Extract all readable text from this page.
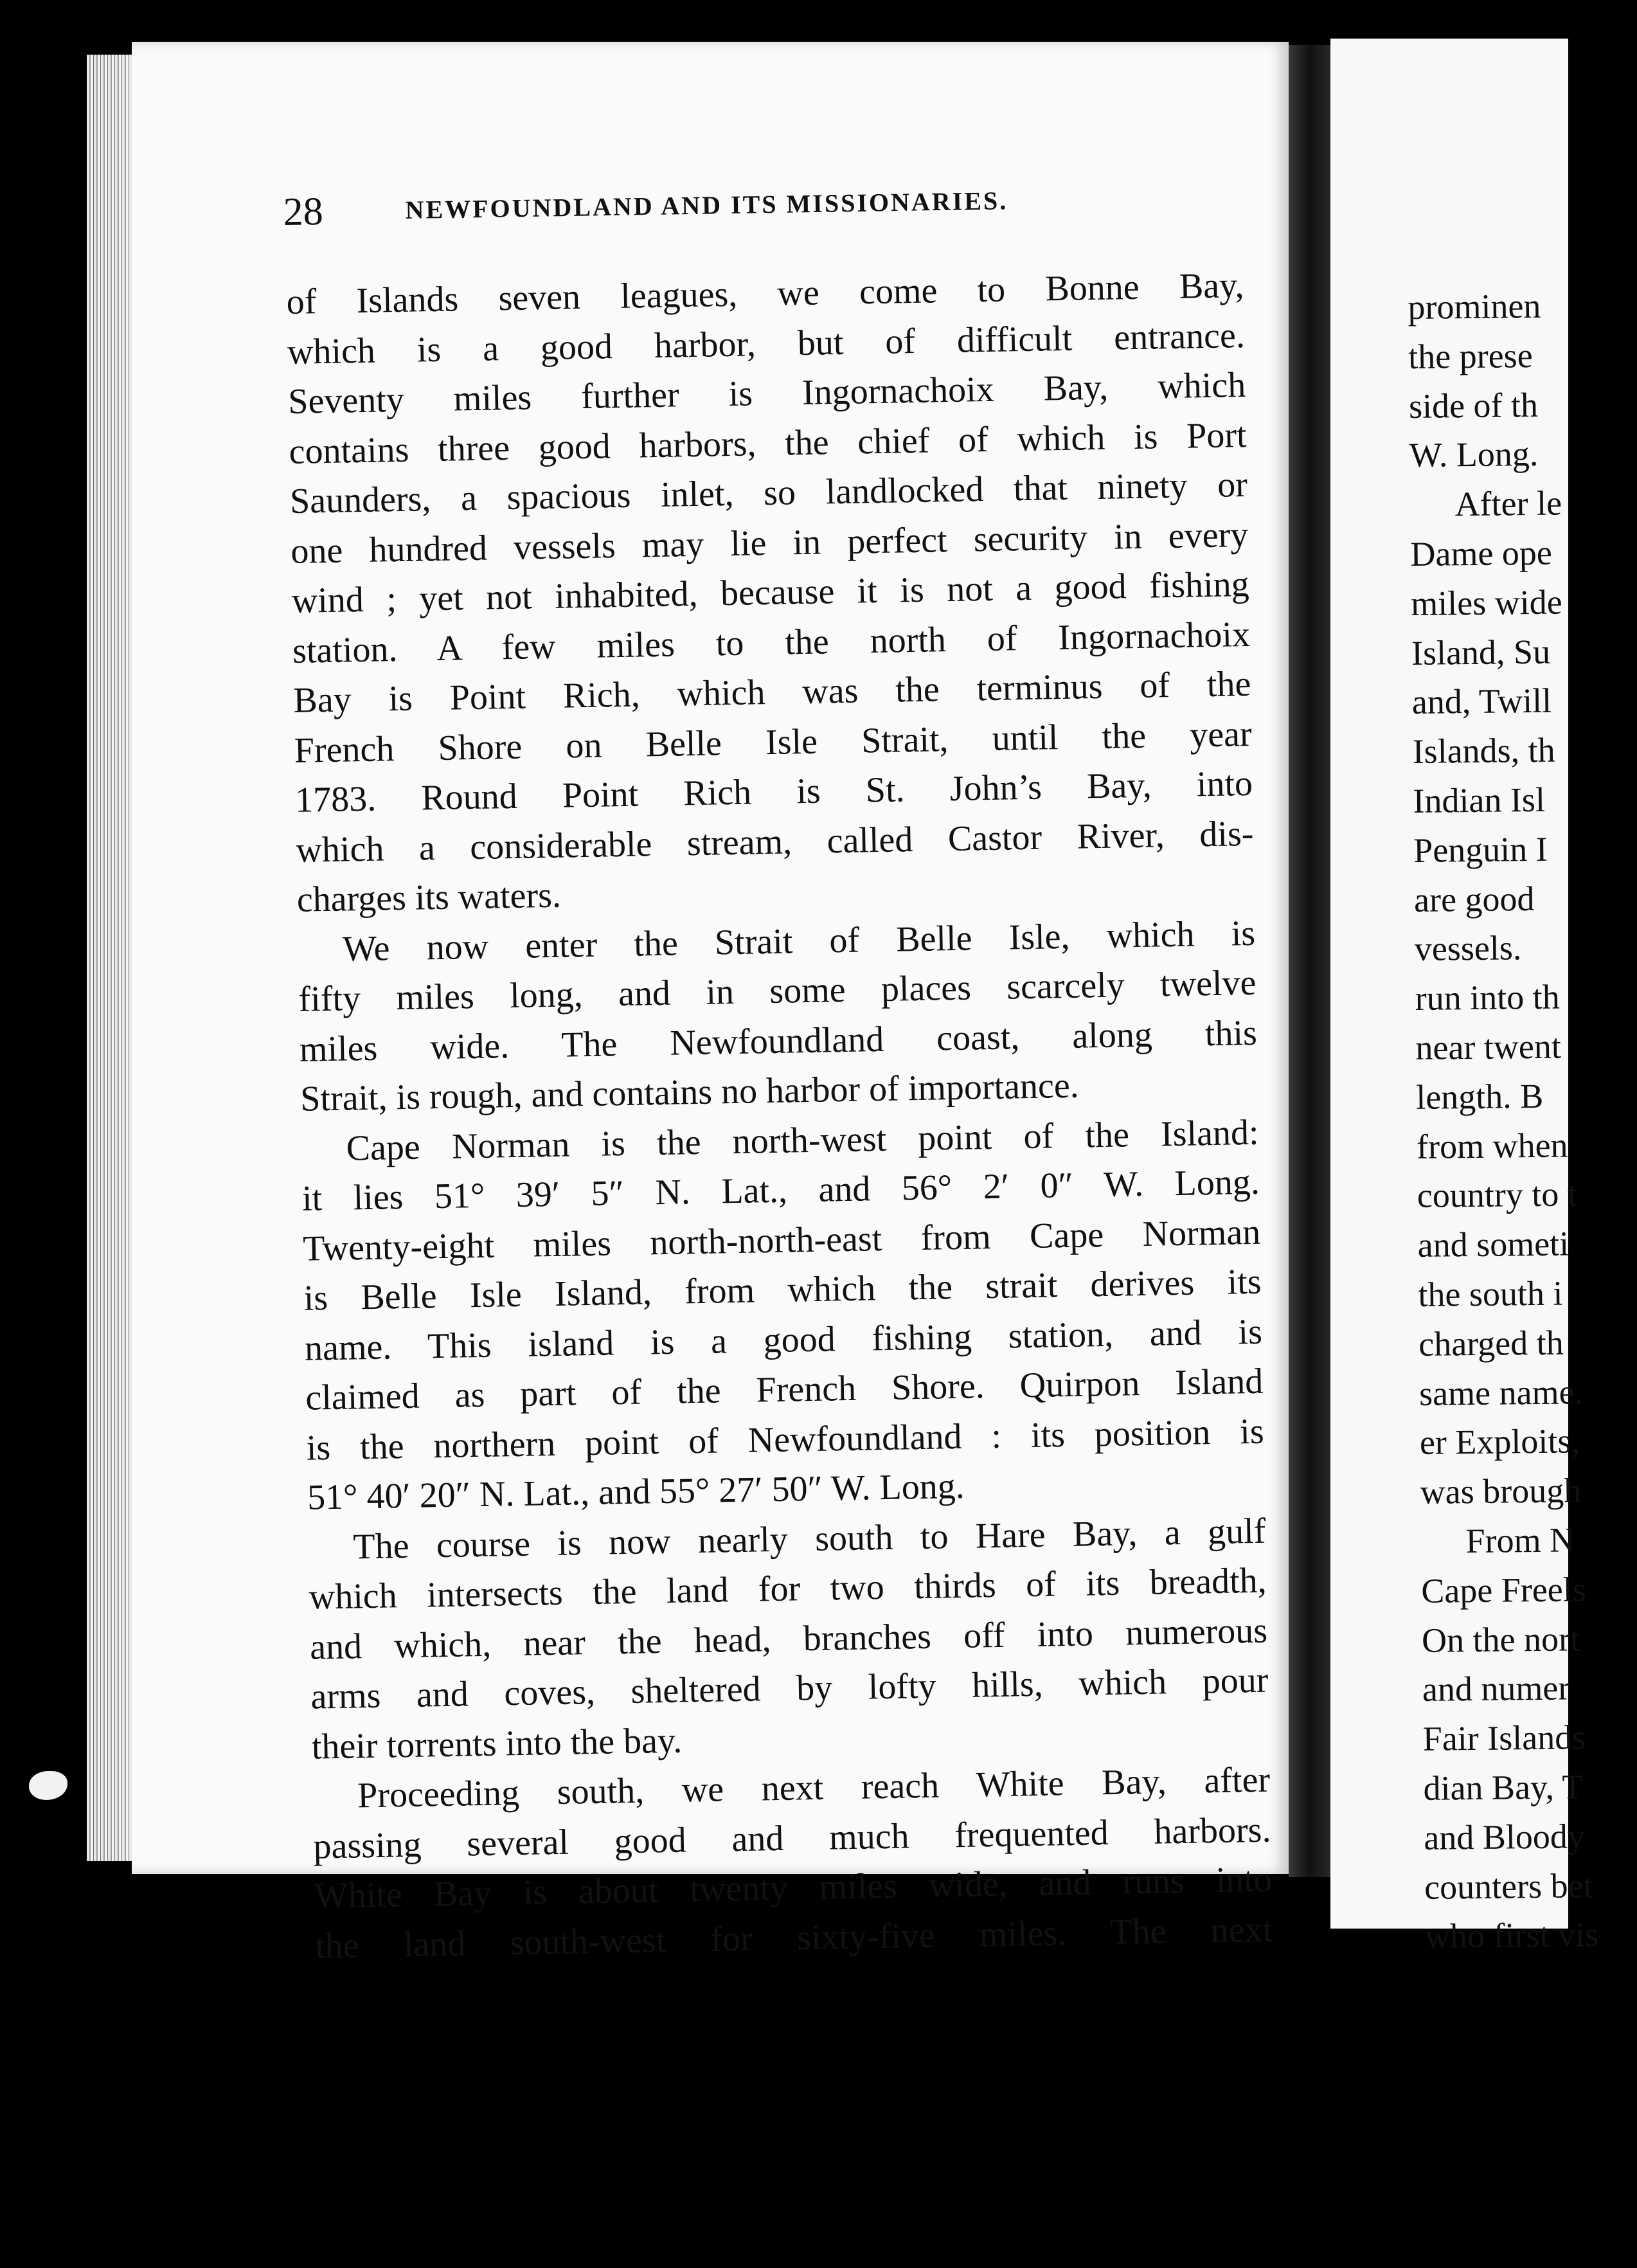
prominen
the prese
side of th
W. Long.
After le
Dame ope
miles wide
Island, Su
and, Twill
Islands, th
Indian Isl
Penguin I
are good
vessels.
run into th
near twent
length. B
from when
country to t
and someti
the south i
charged th
same name.
er Exploits,
was brough
From N
Cape Freels
On the nort
and numer
Fair Islands
dian Bay, T
and Bloody
counters bet
who first vis
28	NEWFOUNDLAND AND ITS MISSIONARIES.
of Islands seven leagues, we come to Bonne Bay,
which is a good harbor, but of difficult entrance.
Seventy miles further is Ingornachoix Bay, which
contains three good harbors, the chief of which is Port
Saunders, a spacious inlet, so landlocked that ninety or
one hundred vessels may lie in perfect security in every
wind ; yet not inhabited, because it is not a good fishing
station. A few miles to the north of Ingornachoix
Bay is Point Rich, which was the terminus of the
French Shore on Belle Isle Strait, until the year
1783. Round Point Rich is St. John’s Bay, into
which a considerable stream, called Castor River, dis-
charges its waters.
We now enter the Strait of Belle Isle, which is
fifty miles long, and in some places scarcely twelve
miles wide. The Newfoundland coast, along this
Strait, is rough, and contains no harbor of importance.
Cape Norman is the north-west point of the Island:
it lies 51° 39′ 5″ N. Lat., and 56° 2′ 0″ W. Long.
Twenty-eight miles north-north-east from Cape Norman
is Belle Isle Island, from which the strait derives its
name. This island is a good fishing station, and is
claimed as part of the French Shore. Quirpon Island
is the northern point of Newfoundland : its position is
51° 40′ 20″ N. Lat., and 55° 27′ 50″ W. Long.
The course is now nearly south to Hare Bay, a gulf
which intersects the land for two thirds of its breadth,
and which, near the head, branches off into numerous
arms and coves, sheltered by lofty hills, which pour
their torrents into the bay.
Proceeding south, we next reach White Bay, after
passing several good and much frequented harbors.
White Bay is about twenty miles wide, and runs into
the land south-west for sixty-five miles. The next
